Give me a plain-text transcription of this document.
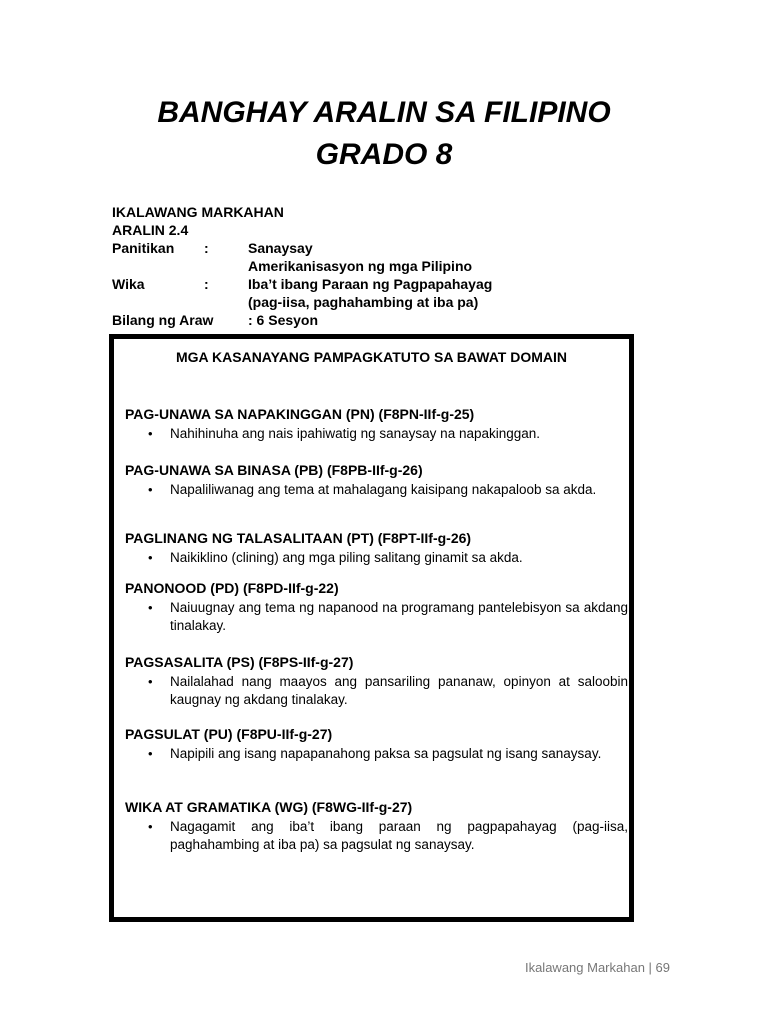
BANGHAY ARALIN SA FILIPINO
GRADO 8
IKALAWANG MARKAHAN
ARALIN 2.4
Panitikan :	Sanaysay
Amerikanisasyon ng mga Pilipino
Wika	:	Iba’t ibang Paraan ng Pagpapahayag
(pag-iisa, paghahambing at iba pa)
Bilang ng Araw : 6 Sesyon
MGA KASANAYANG PAMPAGKATUTO SA BAWAT DOMAIN
PAG-UNAWA SA NAPAKINGGAN (PN) (F8PN-IIf-g-25)
• Nahihinuha ang nais ipahiwatig ng sanaysay na napakinggan.
PAG-UNAWA SA BINASA (PB) (F8PB-IIf-g-26)
• Napaliliwanag ang tema at mahalagang kaisipang nakapaloob sa akda.
PAGLINANG NG TALASALITAAN (PT) (F8PT-IIf-g-26)
• Naikiklino (clining) ang mga piling salitang ginamit sa akda.
PANONOOD (PD) (F8PD-IIf-g-22)
• Naiuugnay ang tema ng napanood na programang pantelebisyon sa akdang tinalakay.
PAGSASALITA (PS) (F8PS-IIf-g-27)
• Nailalahad nang maayos ang pansariling pananaw, opinyon at saloobin kaugnay ng akdang tinalakay.
PAGSULAT (PU) (F8PU-IIf-g-27)
• Napipili ang isang napapanahong paksa sa pagsulat ng isang sanaysay.
WIKA AT GRAMATIKA (WG) (F8WG-IIf-g-27)
• Nagagamit ang iba’t ibang paraan ng pagpapahayag (pag-iisa, paghahambing at iba pa) sa pagsulat ng sanaysay.
Ikalawang Markahan | 69
